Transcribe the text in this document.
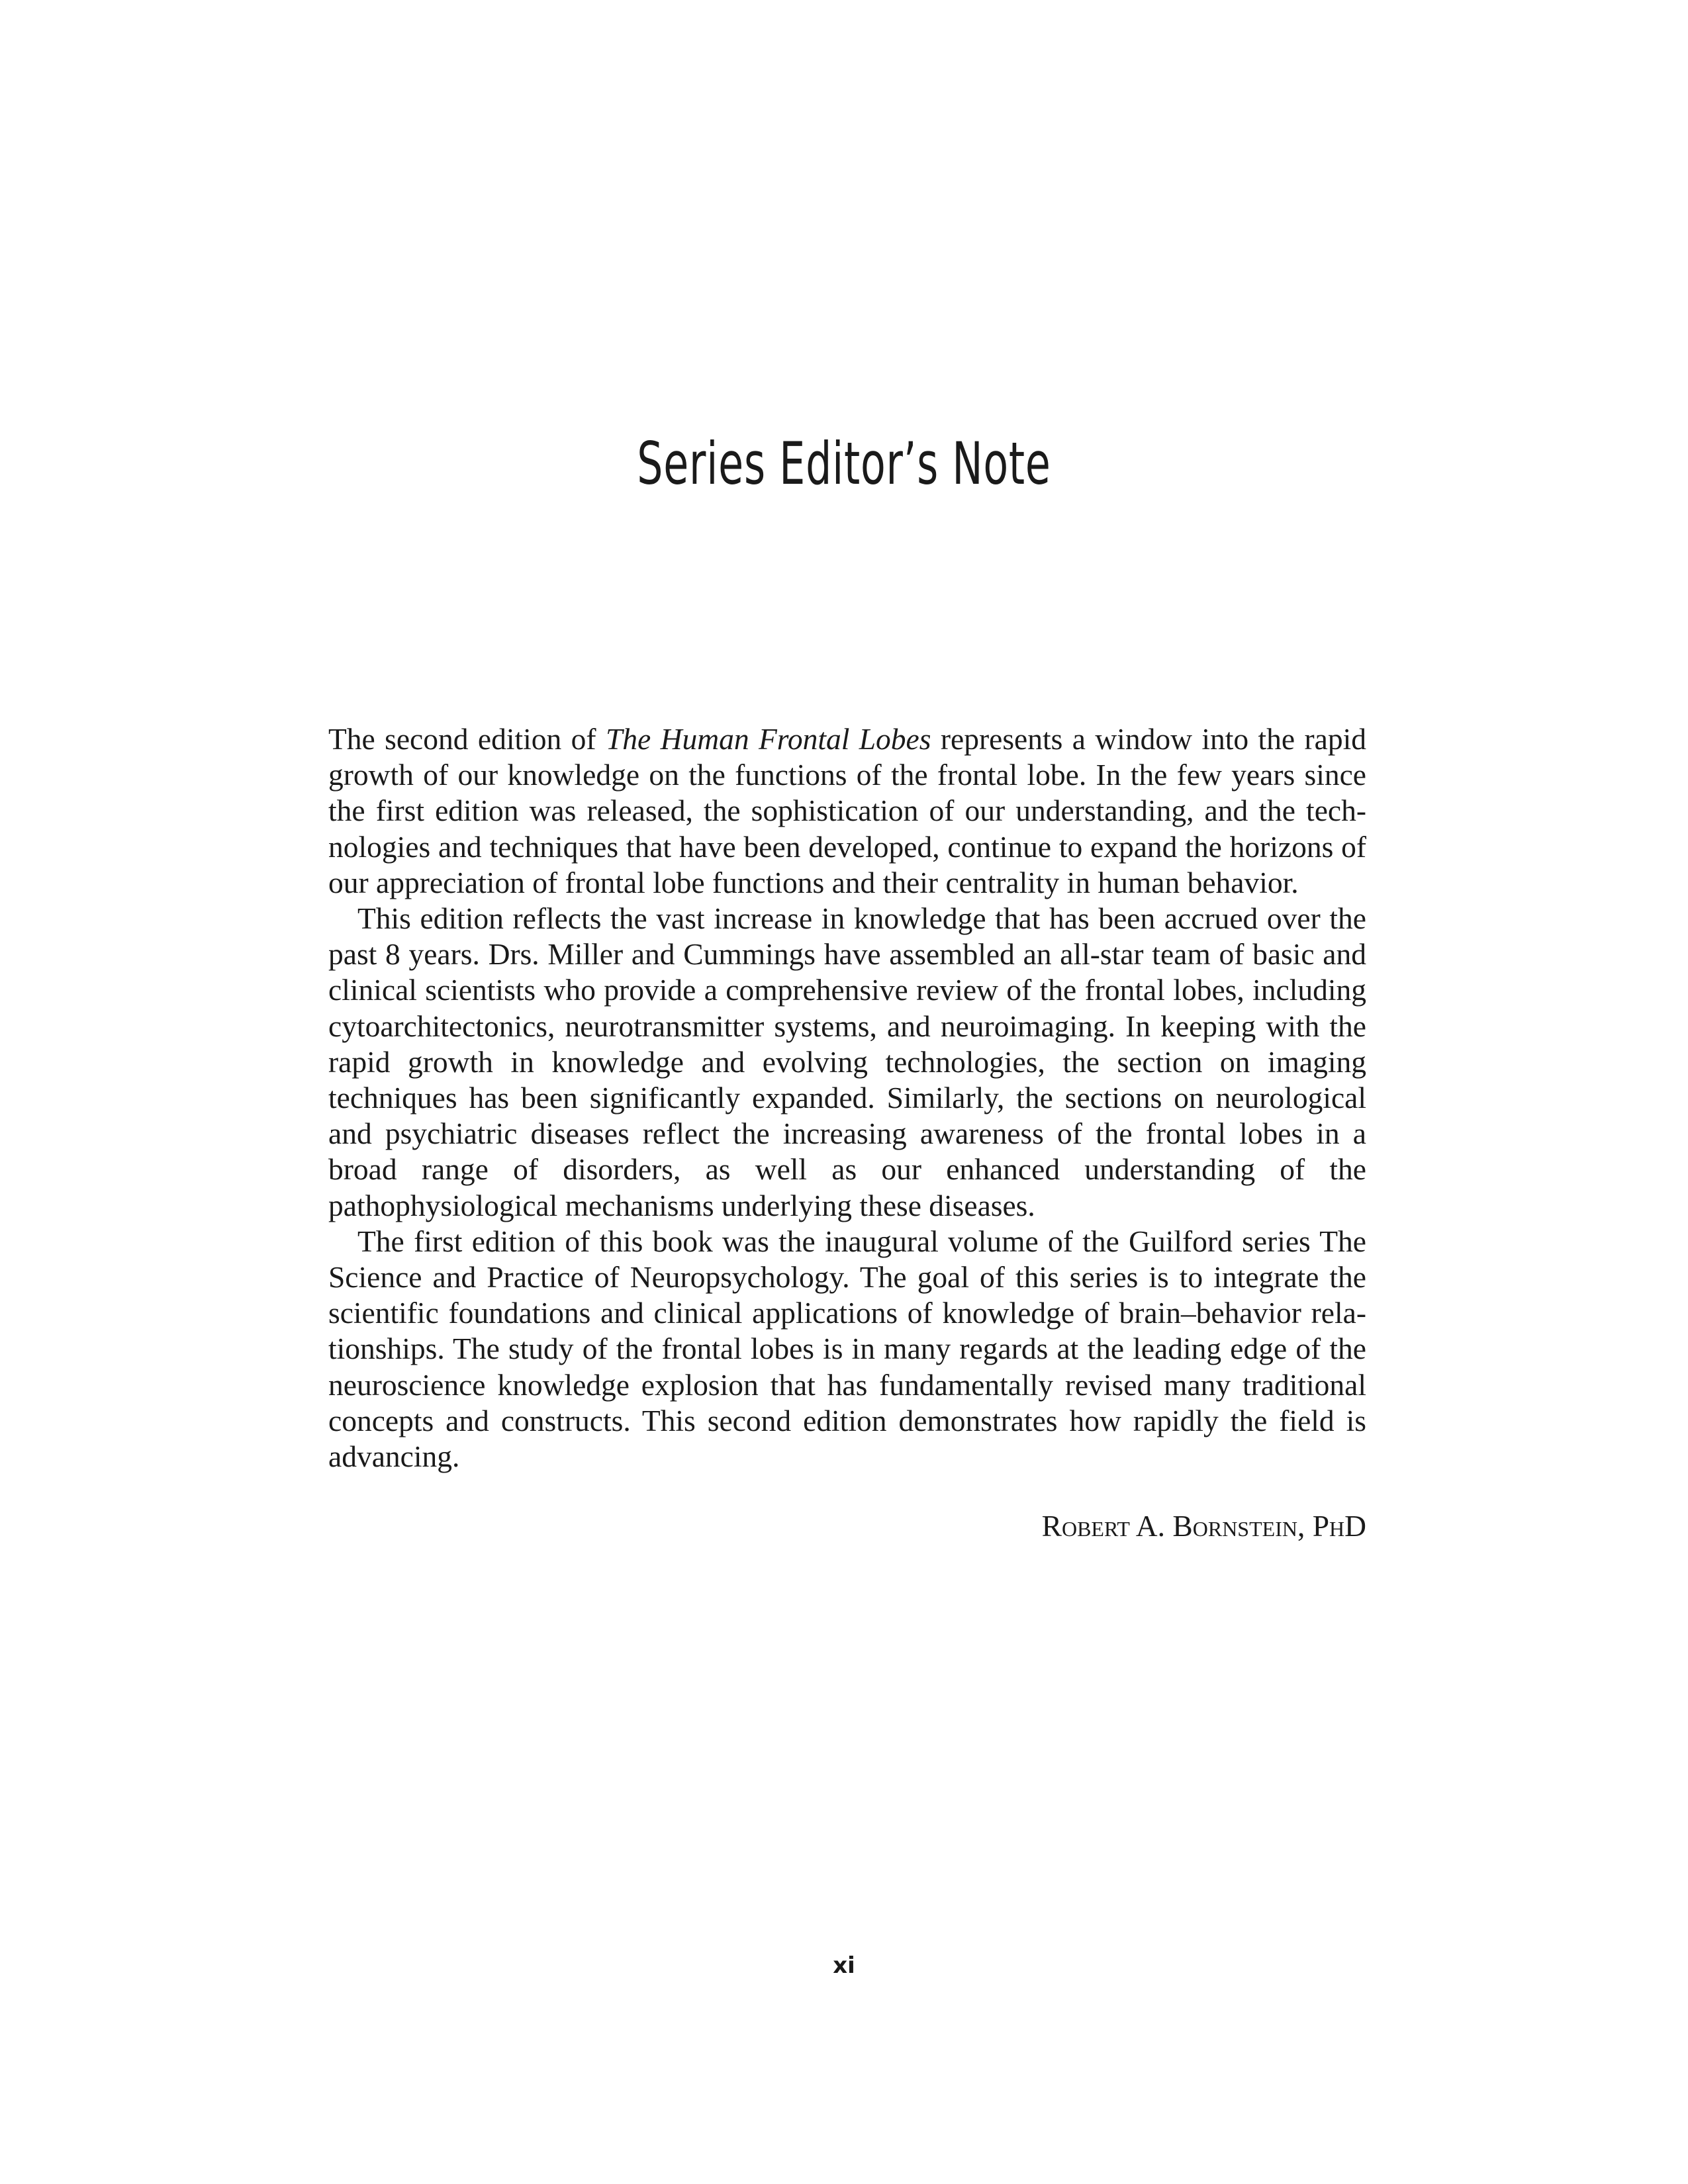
Series Editor’s Note

The second edition of The Human Frontal Lobes represents a window into the rapid growth of our knowledge on the functions of the frontal lobe. In the few years since the first edition was released, the sophistication of our understanding, and the technologies and techniques that have been developed, continue to expand the horizons of our appreciation of frontal lobe functions and their centrality in human behavior.

This edition reflects the vast increase in knowledge that has been accrued over the past 8 years. Drs. Miller and Cummings have assembled an all-star team of basic and clinical scientists who provide a comprehensive review of the frontal lobes, including cytoarchitectonics, neurotransmitter systems, and neuroimaging. In keeping with the rapid growth in knowledge and evolving technologies, the section on imaging techniques has been significantly expanded. Similarly, the sections on neurological and psychiatric diseases reflect the increasing awareness of the frontal lobes in a broad range of disorders, as well as our enhanced understanding of the pathophysiological mechanisms underlying these diseases.

The first edition of this book was the inaugural volume of the Guilford series The Science and Practice of Neuropsychology. The goal of this series is to integrate the scientific foundations and clinical applications of knowledge of brain–behavior relationships. The study of the frontal lobes is in many regards at the leading edge of the neuroscience knowledge explosion that has fundamentally revised many traditional concepts and constructs. This second edition demonstrates how rapidly the field is advancing.

Robert A. Bornstein, PhD
xi
